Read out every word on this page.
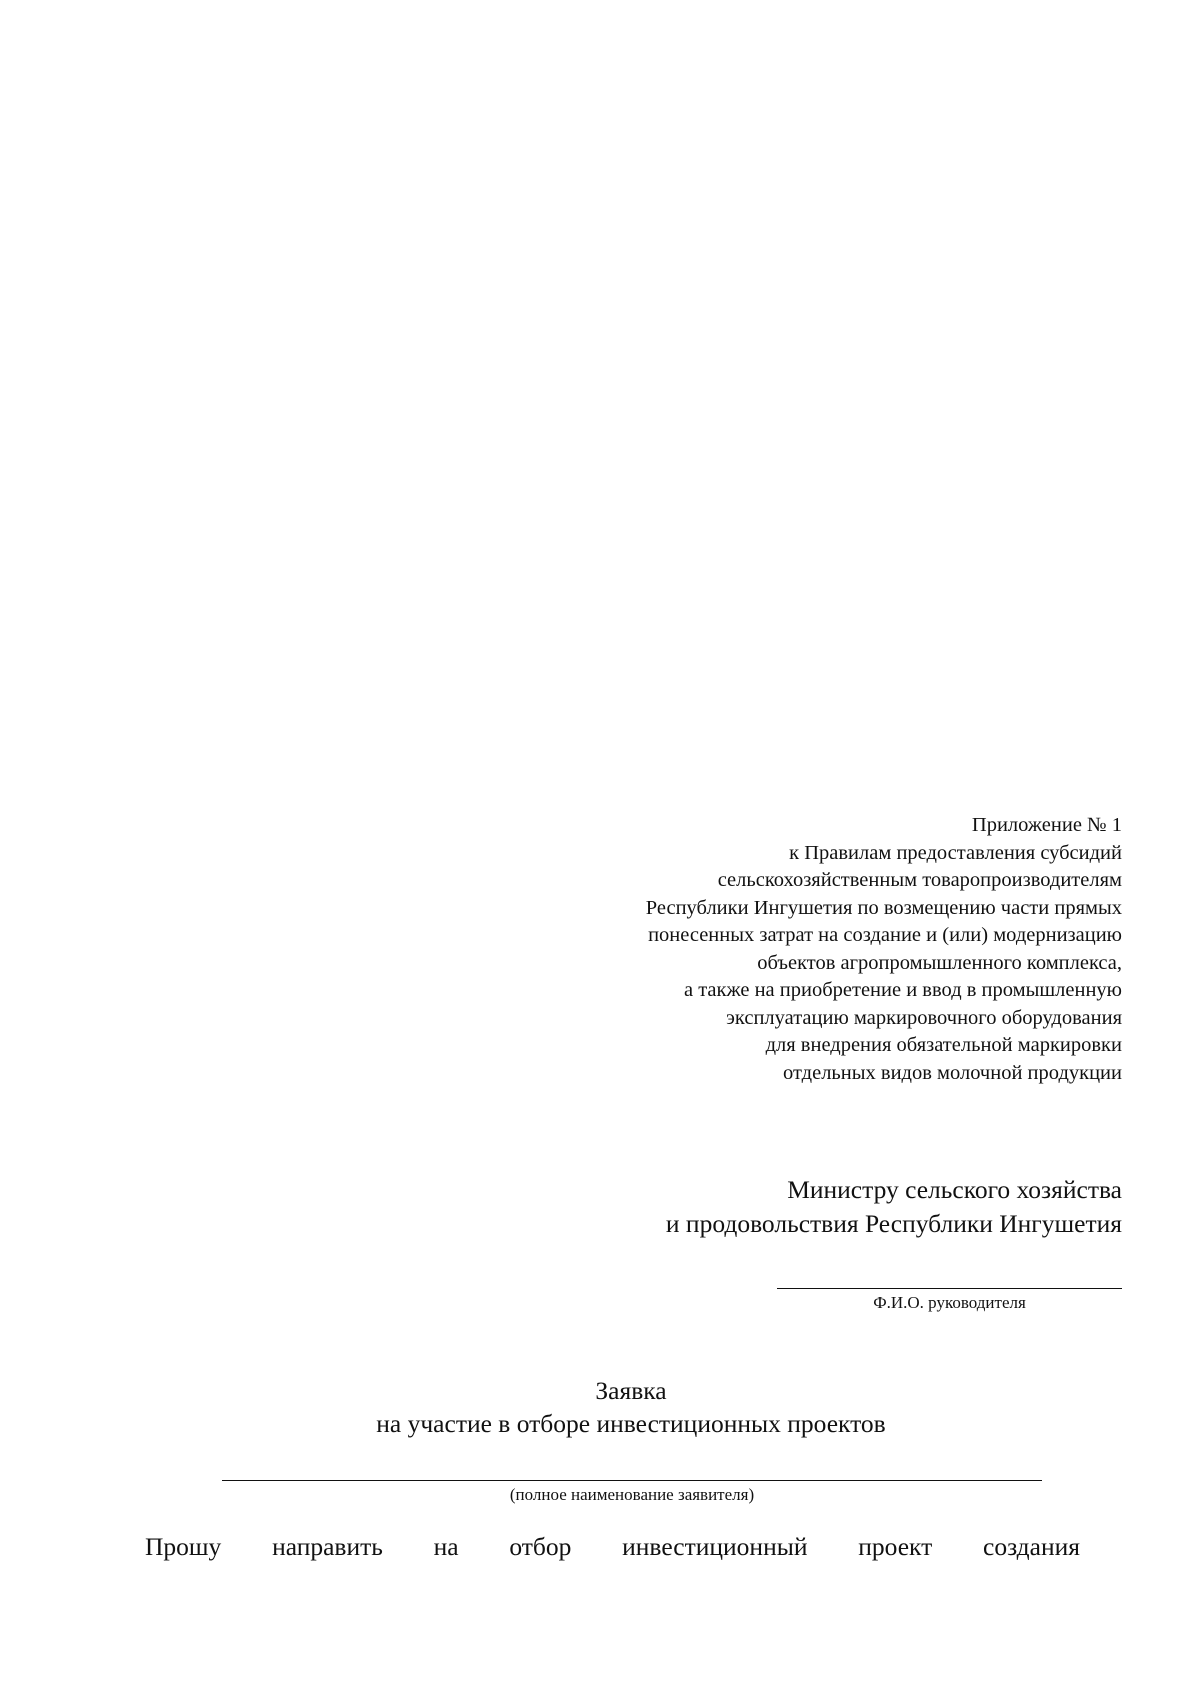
Приложение № 1
к Правилам предоставления субсидий
сельскохозяйственным товаропроизводителям
Республики Ингушетия по возмещению части прямых
понесенных затрат на создание и (или) модернизацию
объектов агропромышленного комплекса,
а также на приобретение и ввод в промышленную
эксплуатацию маркировочного оборудования
для внедрения обязательной маркировки
отдельных видов молочной продукции
Министру сельского хозяйства
и продовольствия Республики Ингушетия
Ф.И.О. руководителя
Заявка
на участие в отборе инвестиционных проектов
(полное наименование заявителя)
Прошу направить на отбор инвестиционный проект создания
